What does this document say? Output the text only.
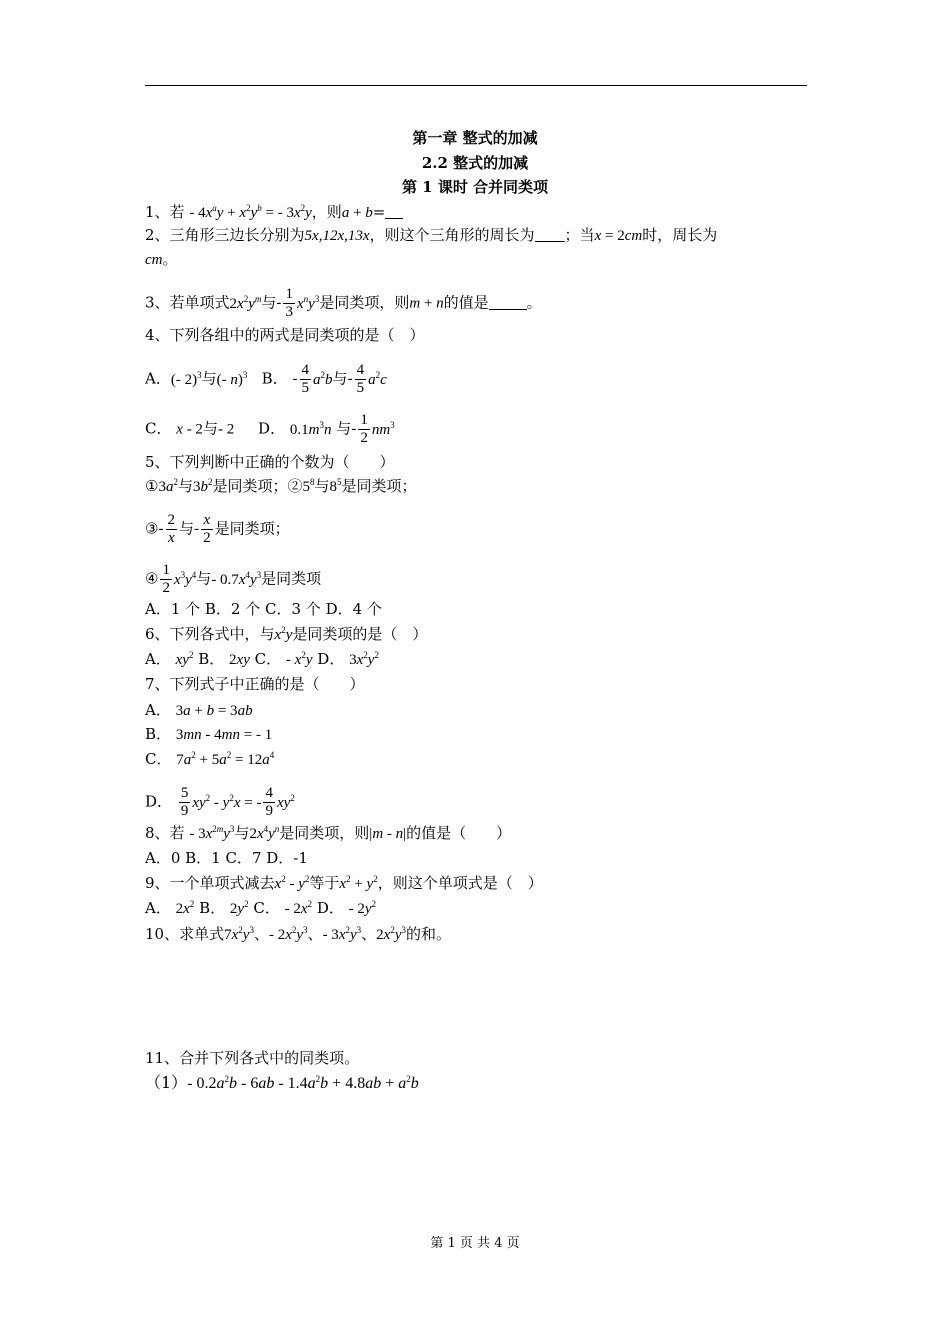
第一章 整式的加减
2.2 整式的加减
第 1 课时 合并同类项
1、若 - $4x^ay + x^2y^b$ = - $3x^2y$，则a + b=
2、三角形三边长分别为5x,12x,13x，则这个三角形的周长为 ；当x = 2cm时，周长为
cm。
3、若单项式$2x^2y^m$与- $\frac{1}{3} x^ny^3$是同类项，则m + n的值是	。
4、下列各组中的两式是同类项的是（　）
A．(- 2)$^3$与(- n)$^3$ B． - $\frac{4}{5} a^2b$与- $\frac{4}{5} a^2c$
C． x - 2与- 2 D． $0.1m^3n$ 与- $\frac{1}{2} nm^3$
5、下列判断中正确的个数为（　　）
$①3a^2$与$3b^2$是同类项；$②5^8$与$8^5$是同类项；
③- $\frac{2}{x}$ 与- $\frac{x}{2}$ 是同类项；
④ $\frac{1}{2} x^3y^4$与- $0.7x^4y^3$是同类项
A．1 个 B．2 个 C．3 个 D．4 个
6、下列各式中，与$x^2y$是同类项的是（　）
A． $xy^2$ B． 2xy C． - $x^2y$ D． $3x^2y^2$
7、下列式子中正确的是（　　）
A． 3a + b = 3ab
B． 3mn - 4mn = - 1
C． $7a^2 + 5a^2 = 12a^4$
D． $\frac{5}{9} xy^2 - y^2x$ = - $\frac{4}{9} xy^2$
8、若 - $3x^{2m}y^3$与$2x^4y^n$是同类项，则|m - n|的值是（　　）
A．0 B．1 C．7 D．-1
9、一个单项式减去$x^2 - y^2$等于$x^2 + y^2$，则这个单项式是（　）
A． $2x^2$ B． $2y^2$ C． - $2x^2$ D． - $2y^2$
10、求单式$7x^2y^3$、- $2x^2y^3$、- $3x^2y^3$、$2x^2y^3$的和。
11、合并下列各式中的同类项。
（1）- $0.2a^2b - 6ab - 1.4a^2b + 4.8ab + a^2b$
第 1 页 共 4 页
